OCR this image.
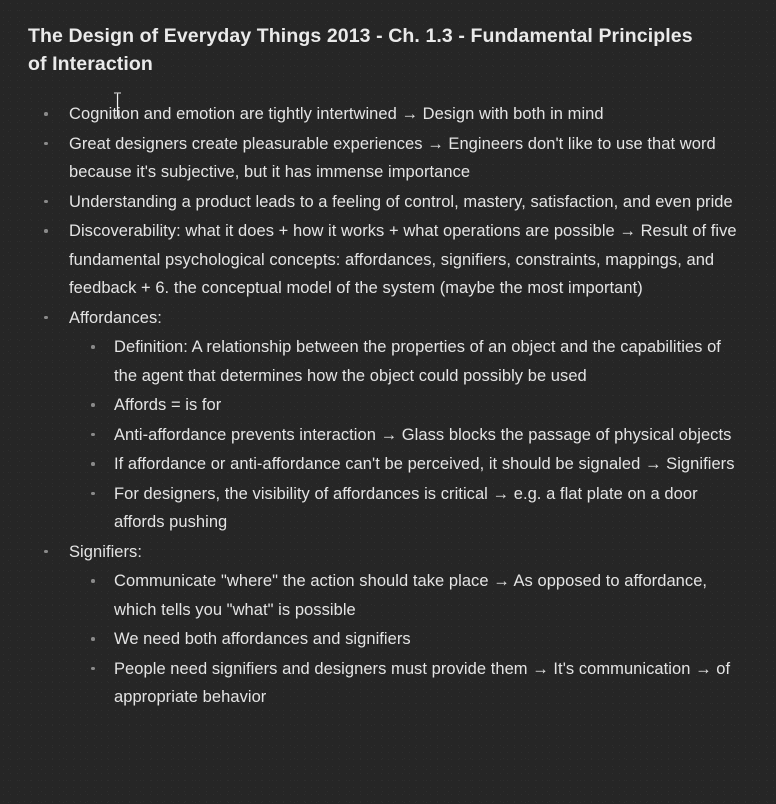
The Design of Everyday Things 2013 - Ch. 1.3 - Fundamental Principles of Interaction
Cognition and emotion are tightly intertwined → Design with both in mind
Great designers create pleasurable experiences → Engineers don't like to use that word because it's subjective, but it has immense importance
Understanding a product leads to a feeling of control, mastery, satisfaction, and even pride
Discoverability: what it does + how it works + what operations are possible → Result of five fundamental psychological concepts: affordances, signifiers, constraints, mappings, and feedback + 6. the conceptual model of the system (maybe the most important)
Affordances:
Definition: A relationship between the properties of an object and the capabilities of the agent that determines how the object could possibly be used
Affords = is for
Anti-affordance prevents interaction → Glass blocks the passage of physical objects
If affordance or anti-affordance can't be perceived, it should be signaled → Signifiers
For designers, the visibility of affordances is critical → e.g. a flat plate on a door affords pushing
Signifiers:
Communicate "where" the action should take place → As opposed to affordance, which tells you "what" is possible
We need both affordances and signifiers
People need signifiers and designers must provide them → It's communication → of appropriate behavior
